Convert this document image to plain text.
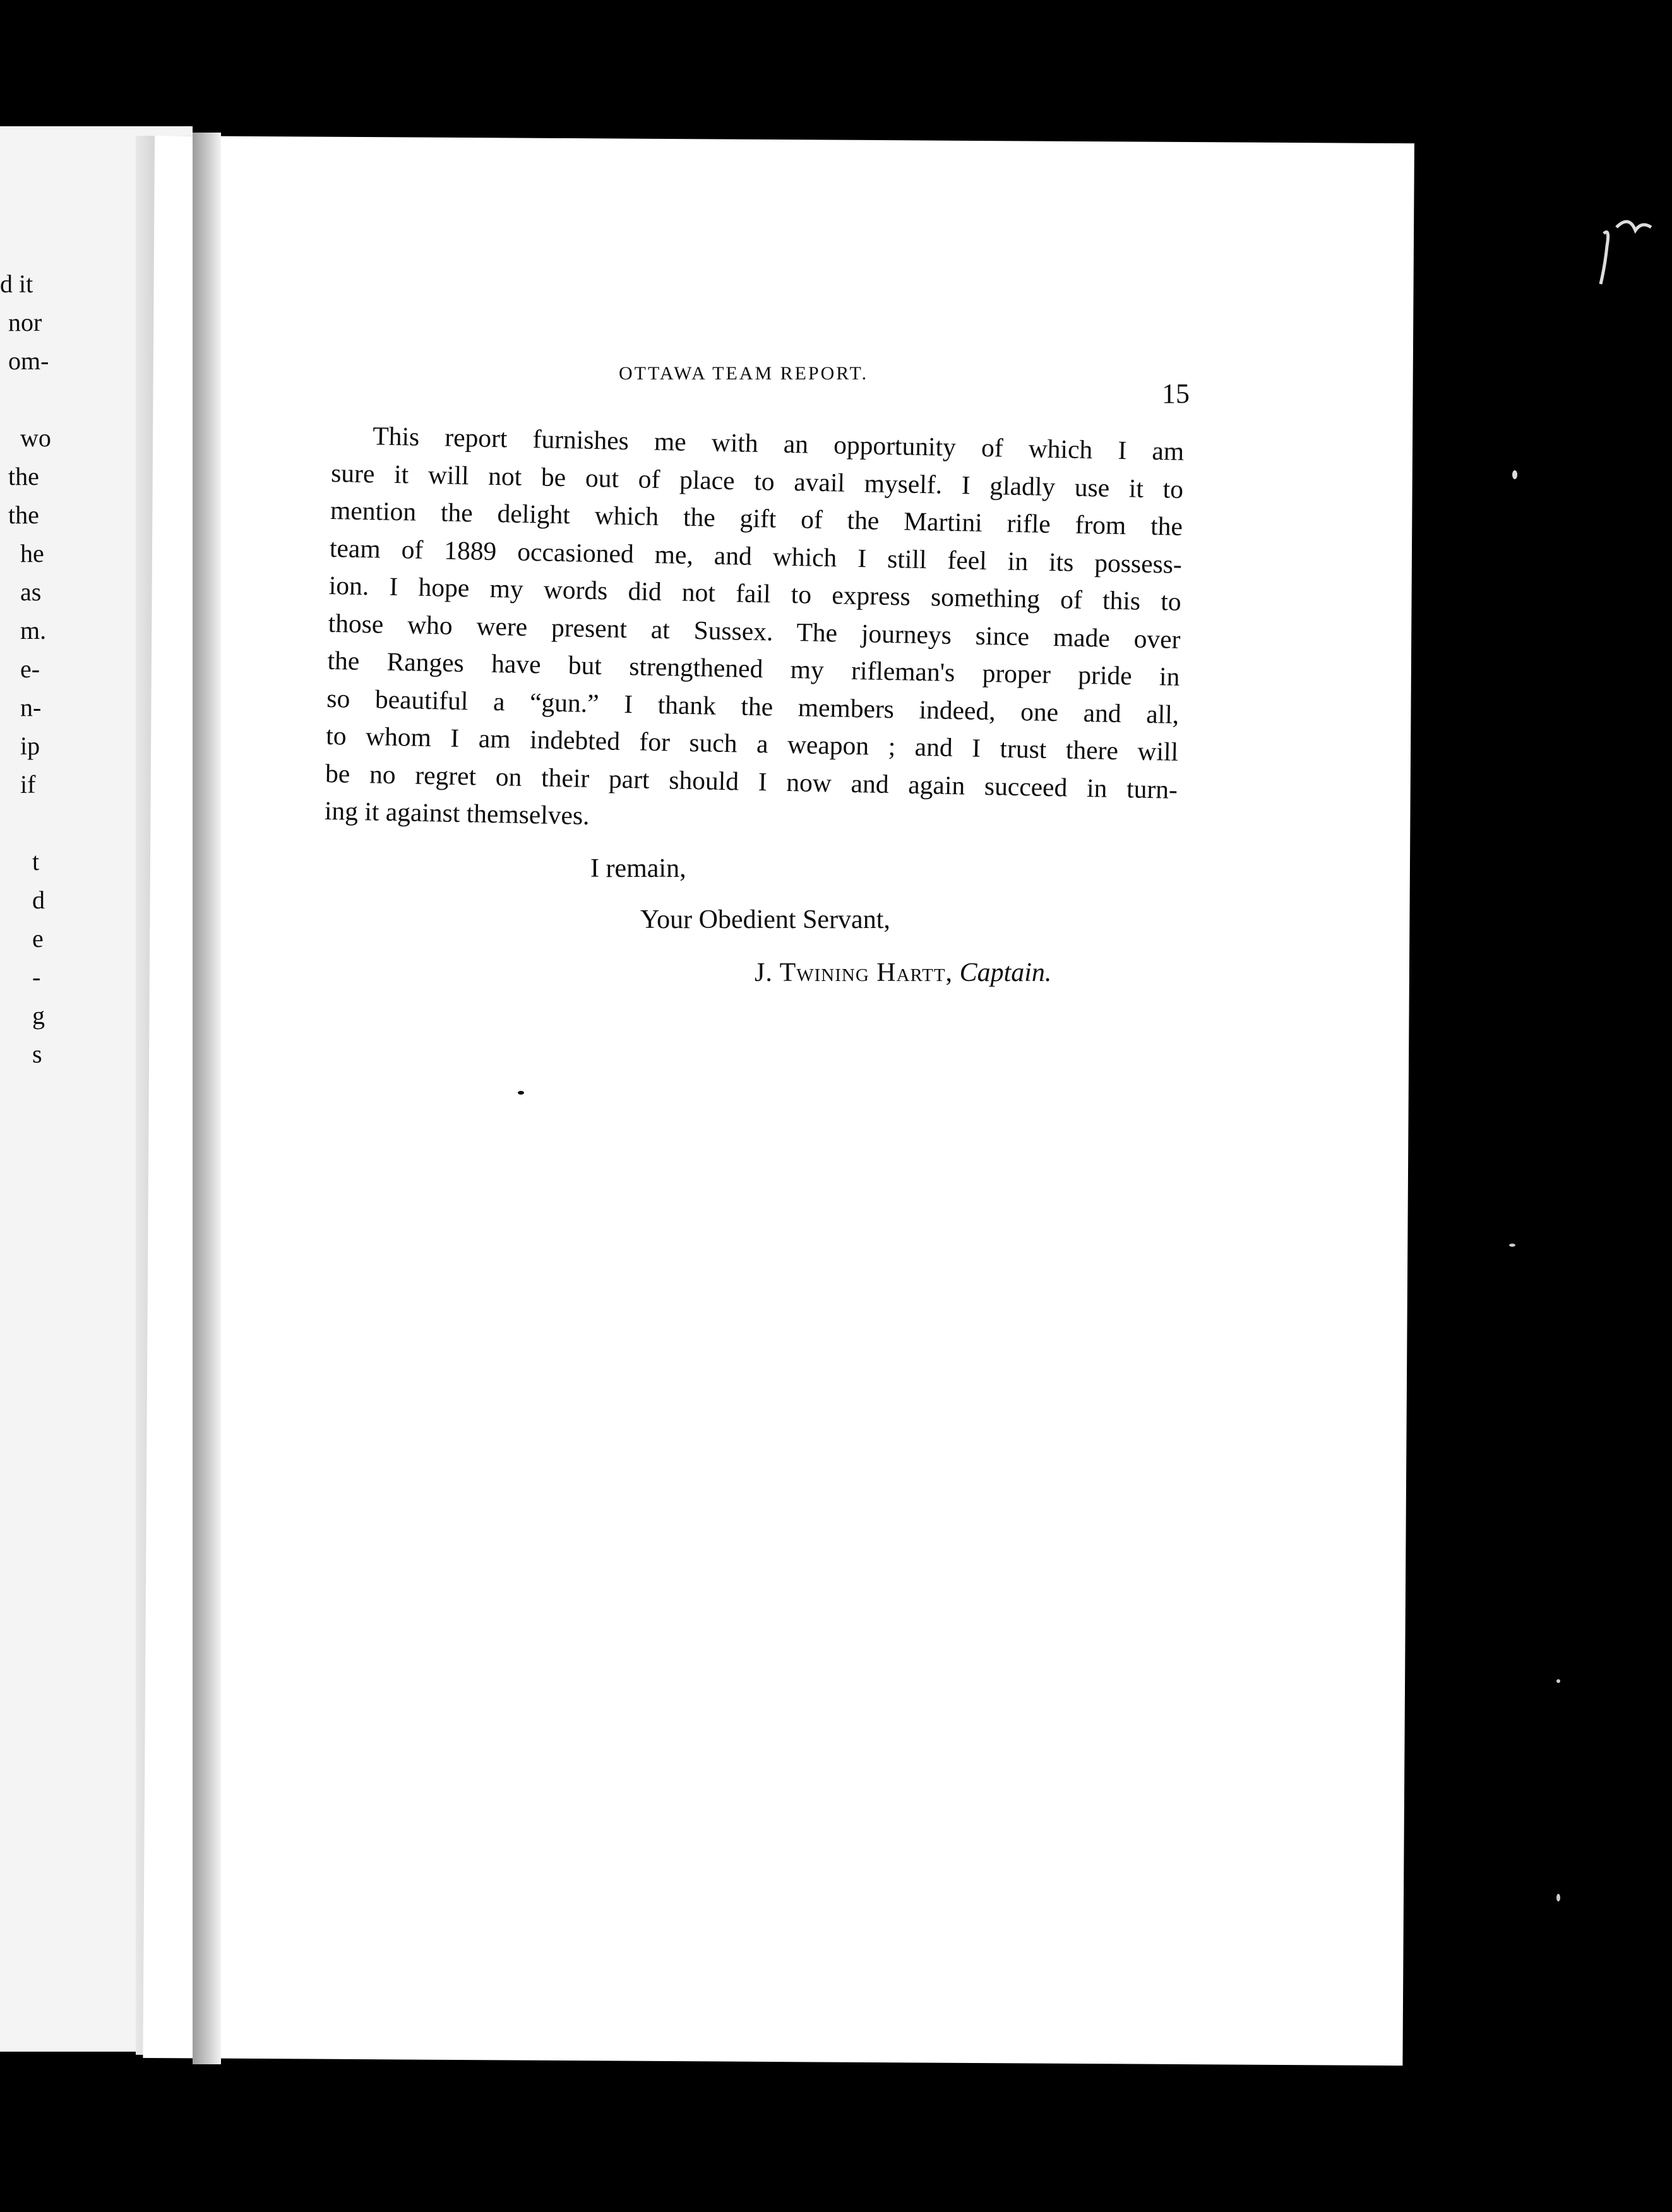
d it
nor
om-
wo
the
the
he
as
m.
e-
n-
ip
if
t
d
e
-
g
s
OTTAWA TEAM REPORT.
15
This report furnishes me with an opportunity of which I am
sure it will not be out of place to avail myself. I gladly use it to
mention the delight which the gift of the Martini rifle from the
team of 1889 occasioned me, and which I still feel in its possess-
ion. I hope my words did not fail to express something of this to
those who were present at Sussex. The journeys since made over
the Ranges have but strengthened my rifleman's proper pride in
so beautiful a “gun.” I thank the members indeed, one and all,
to whom I am indebted for such a weapon ; and I trust there will
be no regret on their part should I now and again succeed in turn-
ing it against themselves.
I remain,
Your Obedient Servant,
J. Twining Hartt, Captain.
